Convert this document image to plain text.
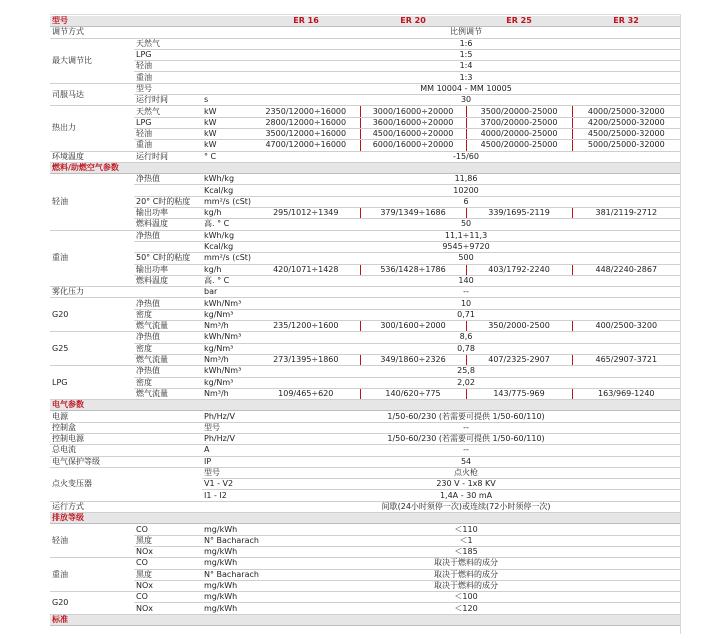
型号			ER 16	ER 20	ER 25	ER 32
调节方式			比例调节			
最大调节比	天然气		1:6			
	LPG		1:5			
	轻油		1:4			
	重油		1:3			
司服马达	型号		MM 10004 - MM 10005			
	运行时间	s	30			
热出力	天然气	kW	2350/12000÷16000	3000/16000÷20000	3500/20000-25000	4000/25000-32000
	LPG	kW	2800/12000÷16000	3600/16000÷20000	3700/20000-25000	4200/25000-32000
	轻油	kW	3500/12000÷16000	4500/16000÷20000	4000/20000-25000	4500/25000-32000
	重油	kW	4700/12000÷16000	6000/16000÷20000	4500/20000-25000	5000/25000-32000
环境温度	运行时间	° C	-15/60			
燃料/助燃空气参数						
轻油	净热值	kWh/kg	11,86			
		Kcal/kg	10200			
	20° C时的粘度	mm²/s (cSt)	6			
	输出功率	kg/h	295/1012÷1349	379/1349÷1686	339/1695-2119	381/2119-2712
	燃料温度	高. ° C	50			
重油	净热值	kWh/kg	11,1÷11,3			
		Kcal/kg	9545÷9720			
	50° C时的粘度	mm²/s (cSt)	500			
	输出功率	kg/h	420/1071÷1428	536/1428÷1786	403/1792-2240	448/2240-2867
	燃料温度	高. ° C	140			
雾化压力		bar	--			
G20	净热值	kWh/Nm³	10			
	密度	kg/Nm³	0,71			
	燃气流量	Nm³/h	235/1200÷1600	300/1600÷2000	350/2000-2500	400/2500-3200
G25	净热值	kWh/Nm³	8,6			
	密度	kg/Nm³	0,78			
	燃气流量	Nm³/h	273/1395÷1860	349/1860÷2326	407/2325-2907	465/2907-3721
LPG	净热值	kWh/Nm³	25,8			
	密度	kg/Nm³	2,02			
	燃气流量	Nm³/h	109/465÷620	140/620÷775	143/775-969	163/969-1240
电气参数						
电源		Ph/Hz/V	1/50-60/230 (若需要可提供 1/50-60/110)			
控制盒		型号	--			
控制电源		Ph/Hz/V	1/50-60/230 (若需要可提供 1/50-60/110)			
总电流		A	--			
电气保护等级		IP	54			
点火变压器		型号	点火枪			
		V1 - V2	230 V - 1x8 KV			
		I1 - I2	1,4A - 30 mA			
运行方式			间歇(24小时须停一次)或连续(72小时须停一次)			
排放等级						
轻油	CO	mg/kWh	＜110			
	黑度	N° Bacharach	＜1			
	NOx	mg/kWh	＜185			
重油	CO	mg/kWh	取决于燃料的成分			
	黑度	N° Bacharach	取决于燃料的成分			
	NOx	mg/kWh	取决于燃料的成分			
G20	CO	mg/kWh	＜100			
	NOx	mg/kWh	＜120			
标准						
